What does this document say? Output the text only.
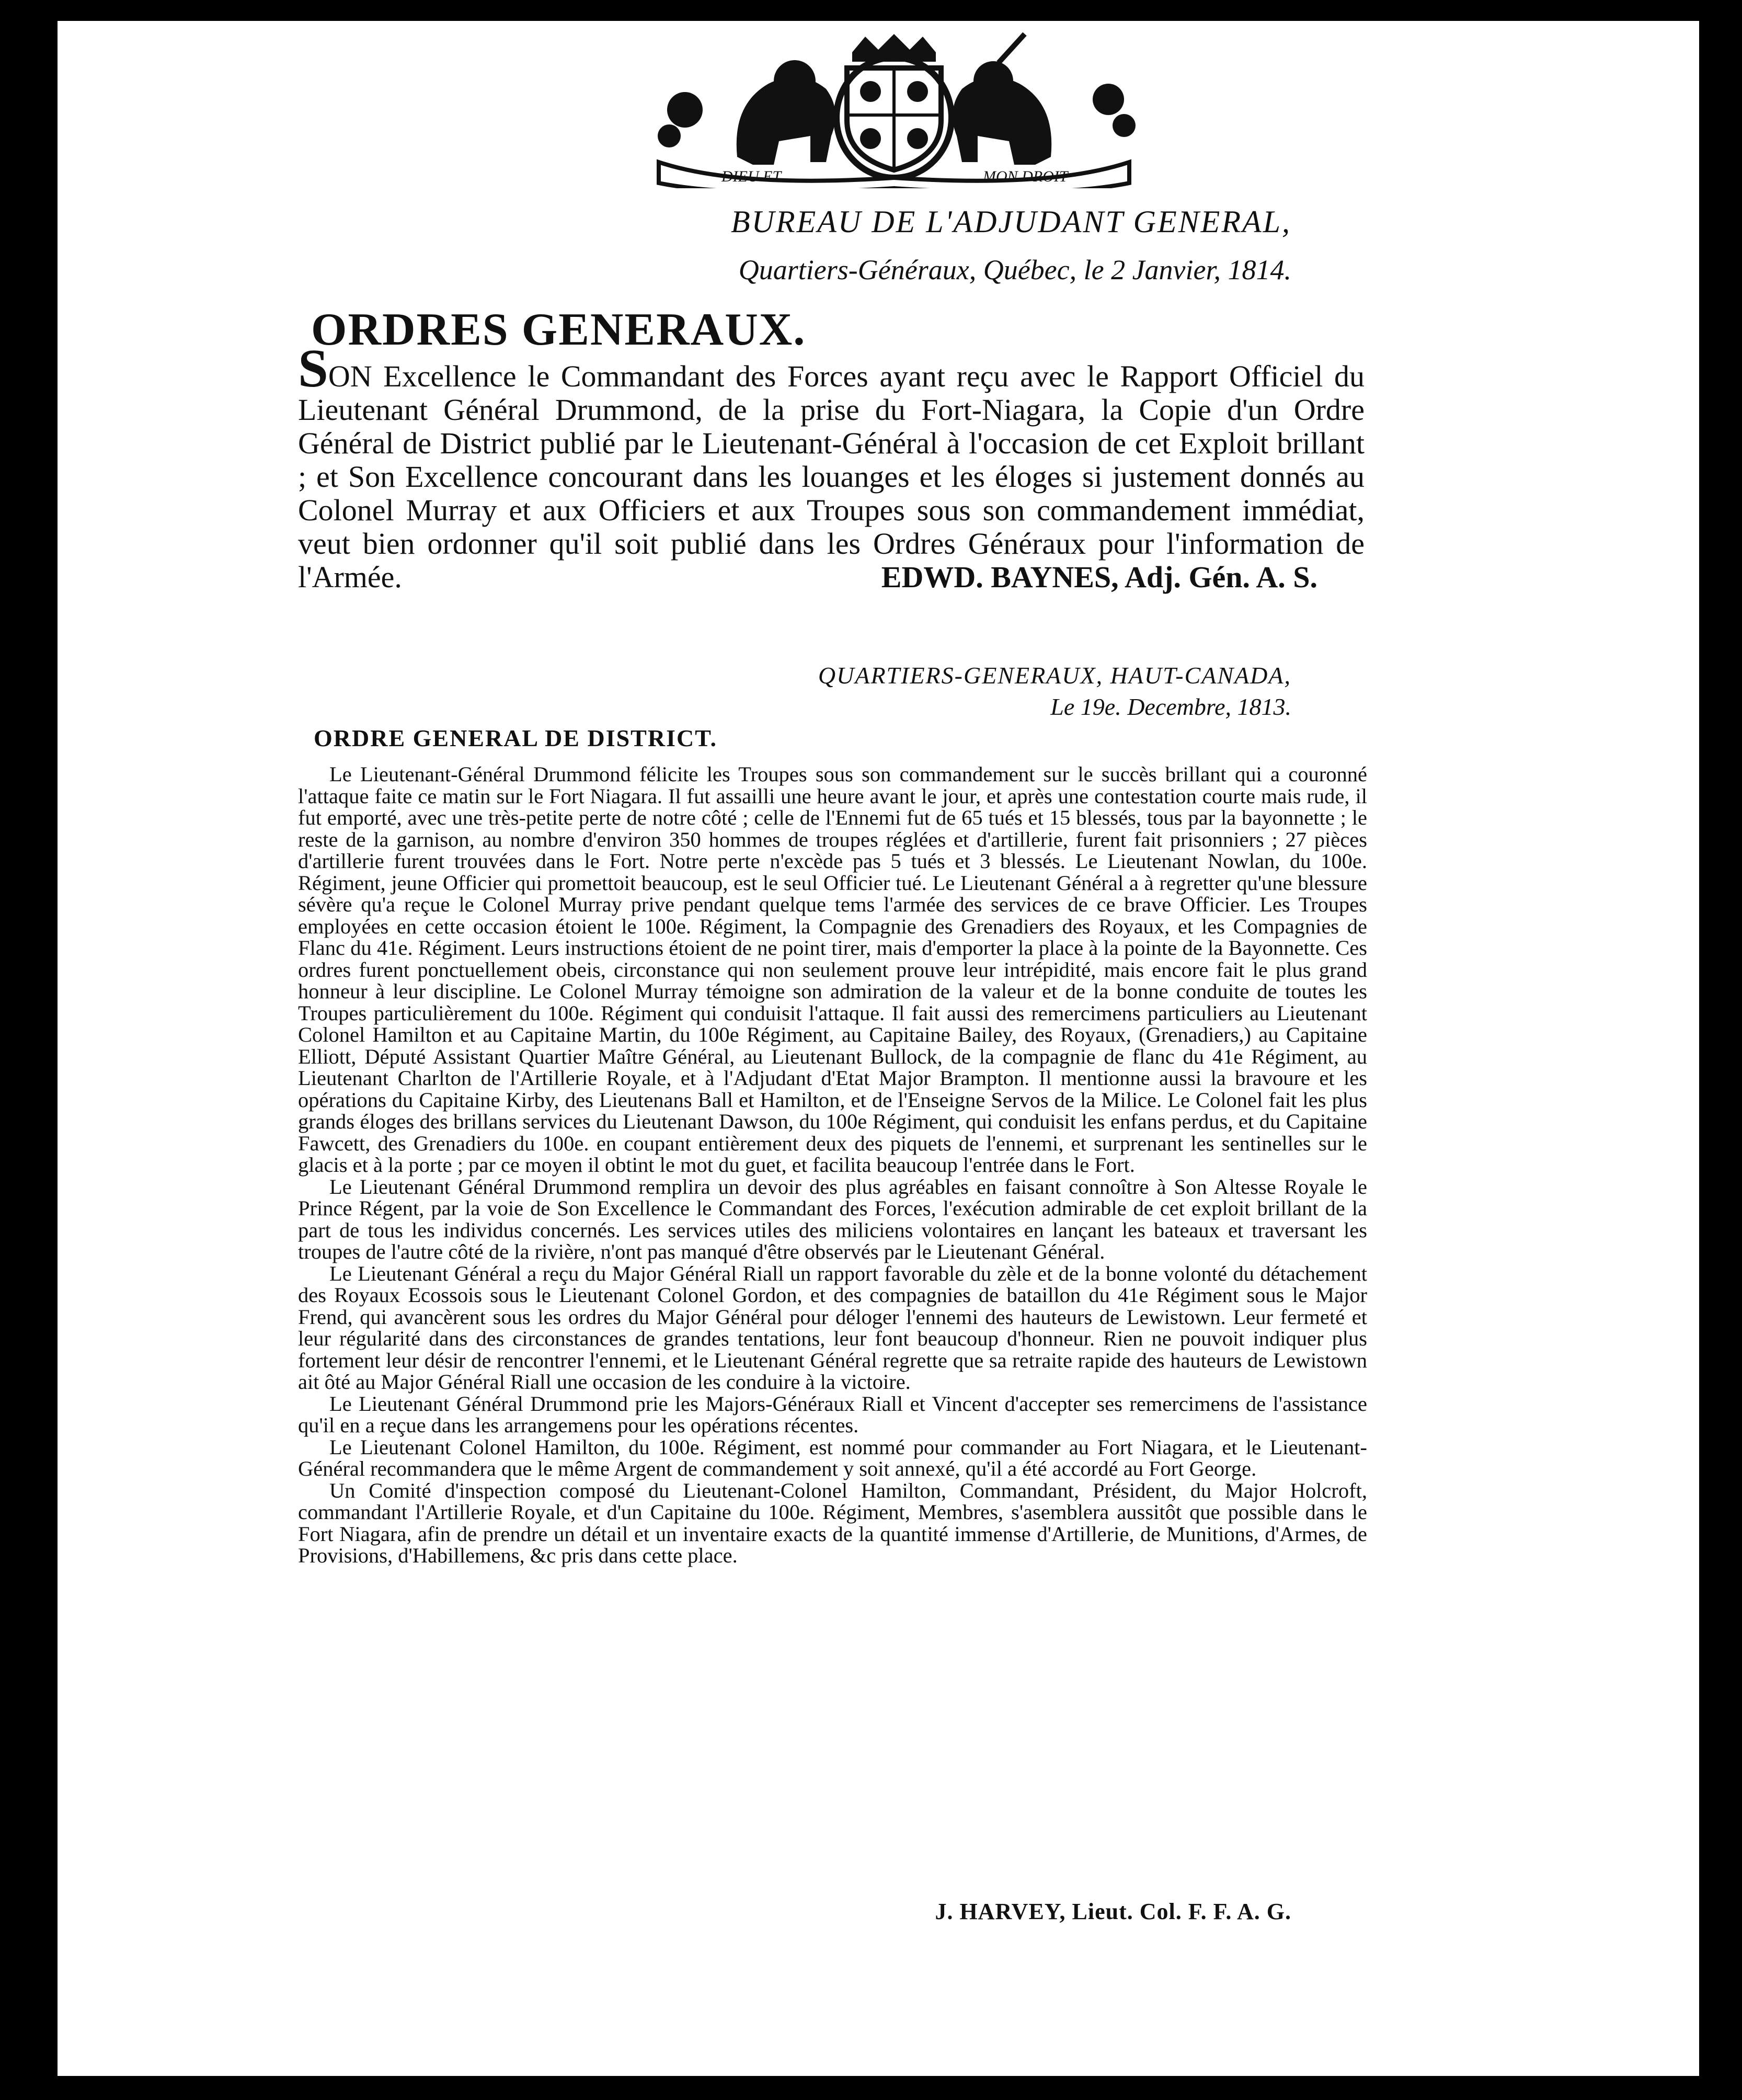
DIEU ET	MON DROIT
BUREAU DE L'ADJUDANT GENERAL,
Quartiers-Généraux, Québec, le 2 Janvier, 1814.
ORDRES GENERAUX.
SON Excellence le Commandant des Forces ayant reçu avec le Rapport Officiel du Lieutenant Général Drummond, de la prise du Fort-Niagara, la Copie d'un Ordre Général de District publié par le Lieutenant-Général à l'occasion de cet Exploit brillant ; et Son Excellence concourant dans les louanges et les éloges si justement donnés au Colonel Murray et aux Officiers et aux Troupes sous son commandement immédiat, veut bien ordonner qu'il soit publié dans les Ordres Généraux pour l'information de l'Armée.	EDWD. BAYNES, Adj. Gén. A. S.
QUARTIERS-GENERAUX, HAUT-CANADA,
Le 19e. Decembre, 1813.
ORDRE GENERAL DE DISTRICT.

Le Lieutenant-Général Drummond félicite les Troupes sous son commandement sur le succès brillant qui a couronné l'attaque faite ce matin sur le Fort Niagara. Il fut assailli une heure avant le jour, et après une contestation courte mais rude, il fut emporté, avec une très-petite perte de notre côté ; celle de l'Ennemi fut de 65 tués et 15 blessés, tous par la bayonnette ; le reste de la garnison, au nombre d'environ 350 hommes de troupes réglées et d'artillerie, furent fait prisonniers ; 27 pièces d'artillerie furent trouvées dans le Fort. Notre perte n'excède pas 5 tués et 3 blessés. Le Lieutenant Nowlan, du 100e. Régiment, jeune Officier qui promettoit beaucoup, est le seul Officier tué. Le Lieutenant Général a à regretter qu'une blessure sévère qu'a reçue le Colonel Murray prive pendant quelque tems l'armée des services de ce brave Officier. Les Troupes employées en cette occasion étoient le 100e. Régiment, la Compagnie des Grenadiers des Royaux, et les Compagnies de Flanc du 41e. Régiment. Leurs instructions étoient de ne point tirer, mais d'emporter la place à la pointe de la Bayonnette. Ces ordres furent ponctuellement obeis, circonstance qui non seulement prouve leur intrépidité, mais encore fait le plus grand honneur à leur discipline. Le Colonel Murray témoigne son admiration de la valeur et de la bonne conduite de toutes les Troupes particulièrement du 100e. Régiment qui conduisit l'attaque. Il fait aussi des remercimens particuliers au Lieutenant Colonel Hamilton et au Capitaine Martin, du 100e Régiment, au Capitaine Bailey, des Royaux, (Grenadiers,) au Capitaine Elliott, Député Assistant Quartier Maître Général, au Lieutenant Bullock, de la compagnie de flanc du 41e Régiment, au Lieutenant Charlton de l'Artillerie Royale, et à l'Adjudant d'Etat Major Brampton. Il mentionne aussi la bravoure et les opérations du Capitaine Kirby, des Lieutenans Ball et Hamilton, et de l'Enseigne Servos de la Milice. Le Colonel fait les plus grands éloges des brillans services du Lieutenant Dawson, du 100e Régiment, qui conduisit les enfans perdus, et du Capitaine Fawcett, des Grenadiers du 100e. en coupant entièrement deux des piquets de l'ennemi, et surprenant les sentinelles sur le glacis et à la porte ; par ce moyen il obtint le mot du guet, et facilita beaucoup l'entrée dans le Fort.

Le Lieutenant Général Drummond remplira un devoir des plus agréables en faisant connoître à Son Altesse Royale le Prince Régent, par la voie de Son Excellence le Commandant des Forces, l'exécution admirable de cet exploit brillant de la part de tous les individus concernés. Les services utiles des miliciens volontaires en lançant les bateaux et traversant les troupes de l'autre côté de la rivière, n'ont pas manqué d'être observés par le Lieutenant Général.

Le Lieutenant Général a reçu du Major Général Riall un rapport favorable du zèle et de la bonne volonté du détachement des Royaux Ecossois sous le Lieutenant Colonel Gordon, et des compagnies de bataillon du 41e Régiment sous le Major Frend, qui avancèrent sous les ordres du Major Général pour déloger l'ennemi des hauteurs de Lewistown. Leur fermeté et leur régularité dans des circonstances de grandes tentations, leur font beaucoup d'honneur. Rien ne pouvoit indiquer plus fortement leur désir de rencontrer l'ennemi, et le Lieutenant Général regrette que sa retraite rapide des hauteurs de Lewistown ait ôté au Major Général Riall une occasion de les conduire à la victoire.

Le Lieutenant Général Drummond prie les Majors-Généraux Riall et Vincent d'accepter ses remercimens de l'assistance qu'il en a reçue dans les arrangemens pour les opérations récentes.

Le Lieutenant Colonel Hamilton, du 100e. Régiment, est nommé pour commander au Fort Niagara, et le Lieutenant-Général recommandera que le même Argent de commandement y soit annexé, qu'il a été accordé au Fort George.

Un Comité d'inspection composé du Lieutenant-Colonel Hamilton, Commandant, Président, du Major Holcroft, commandant l'Artillerie Royale, et d'un Capitaine du 100e. Régiment, Membres, s'asemblera aussitôt que possible dans le Fort Niagara, afin de prendre un détail et un inventaire exacts de la quantité immense d'Artillerie, de Munitions, d'Armes, de Provisions, d'Habillemens, &c pris dans cette place.

J. HARVEY, Lieut. Col. F. F. A. G.
